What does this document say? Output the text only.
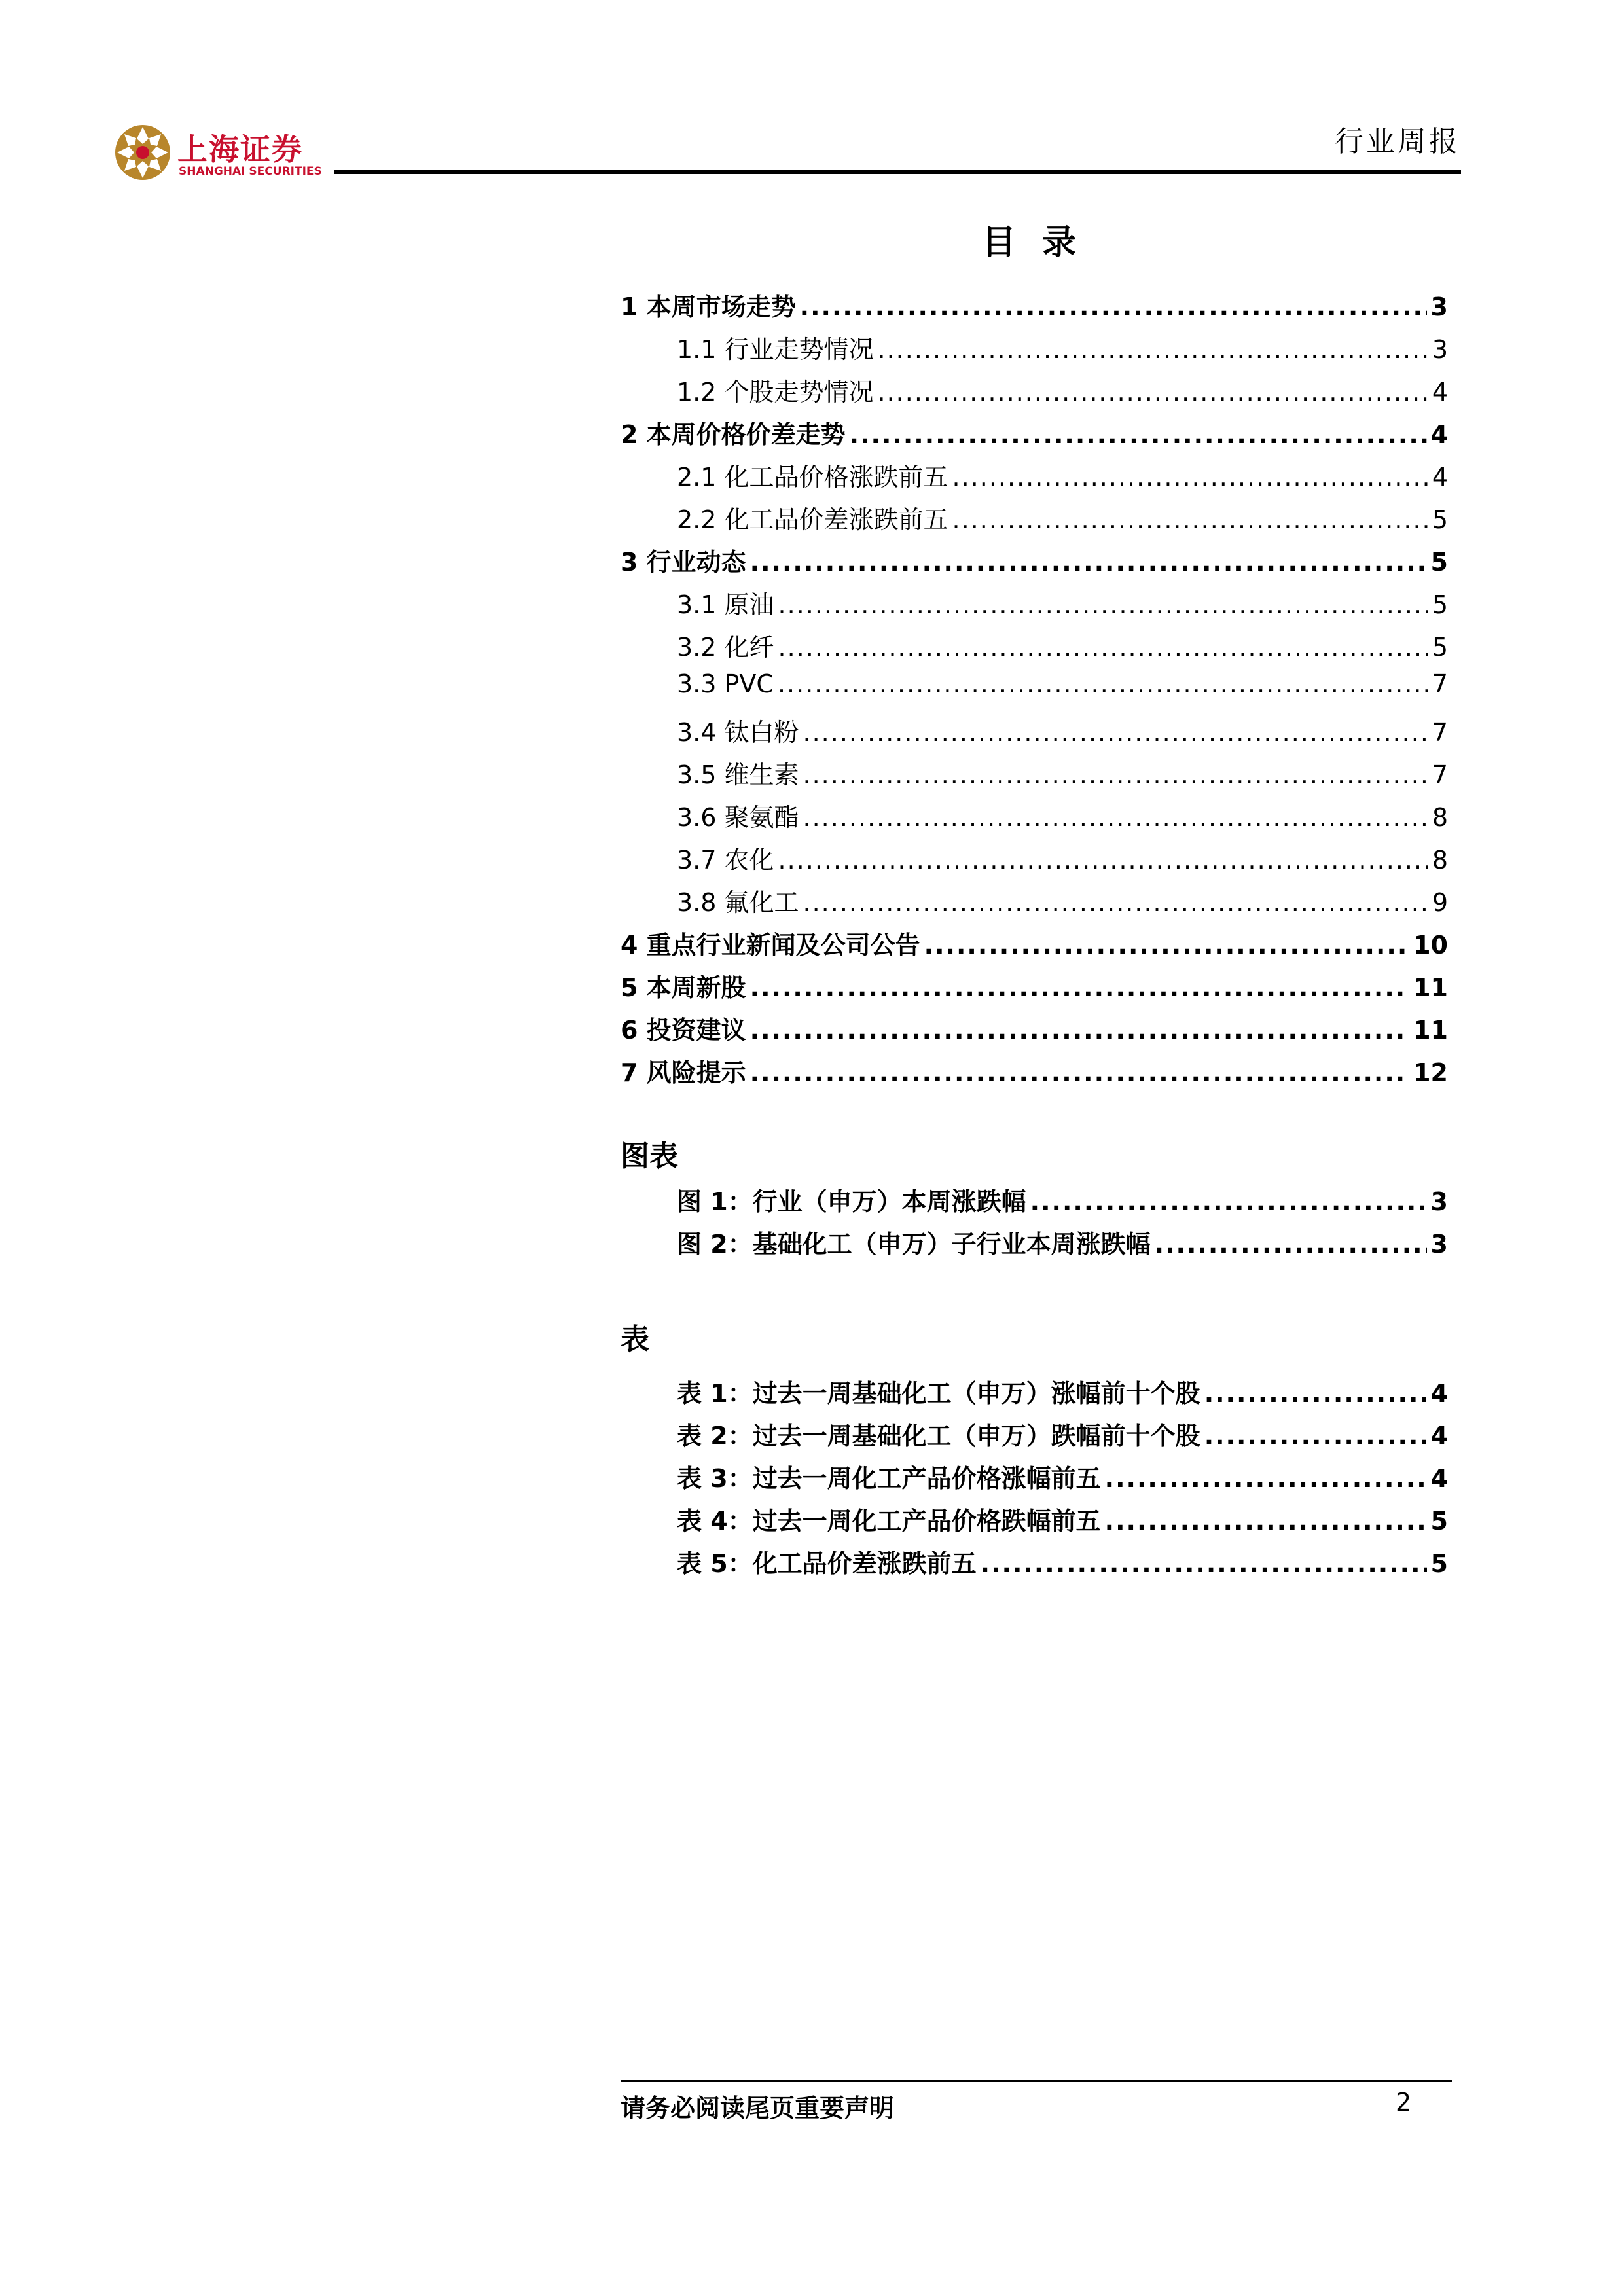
上海证券
SHANGHAI SECURITIES
行业周报
目录
1 本周市场走势 .....	3
1.1 行业走势情况 .....	3
1.2 个股走势情况 .....	4
2 本周价格价差走势 .....	4
2.1 化工品价格涨跌前五 .....	4
2.2 化工品价差涨跌前五 .....	5
3 行业动态 .....	5
3.1 原油 .....	5
3.2 化纤 .....	5
3.3 PVC .....	7
3.4 钛白粉 .....	7
3.5 维生素 .....	7
3.6 聚氨酯 .....	8
3.7 农化 .....	8
3.8 氟化工 .....	9
4 重点行业新闻及公司公告 .....	10
5 本周新股 .....	11
6 投资建议 .....	11
7 风险提示 .....	12
图表
图 1：行业（申万）本周涨跌幅 .....	3
图 2：基础化工（申万）子行业本周涨跌幅 .....	3
表
表 1：过去一周基础化工（申万）涨幅前十个股 .....	4
表 2：过去一周基础化工（申万）跌幅前十个股 .....	4
表 3：过去一周化工产品价格涨幅前五 .....	4
表 4：过去一周化工产品价格跌幅前五 .....	5
表 5：化工品价差涨跌前五 .....	5
请务必阅读尾页重要声明	2
